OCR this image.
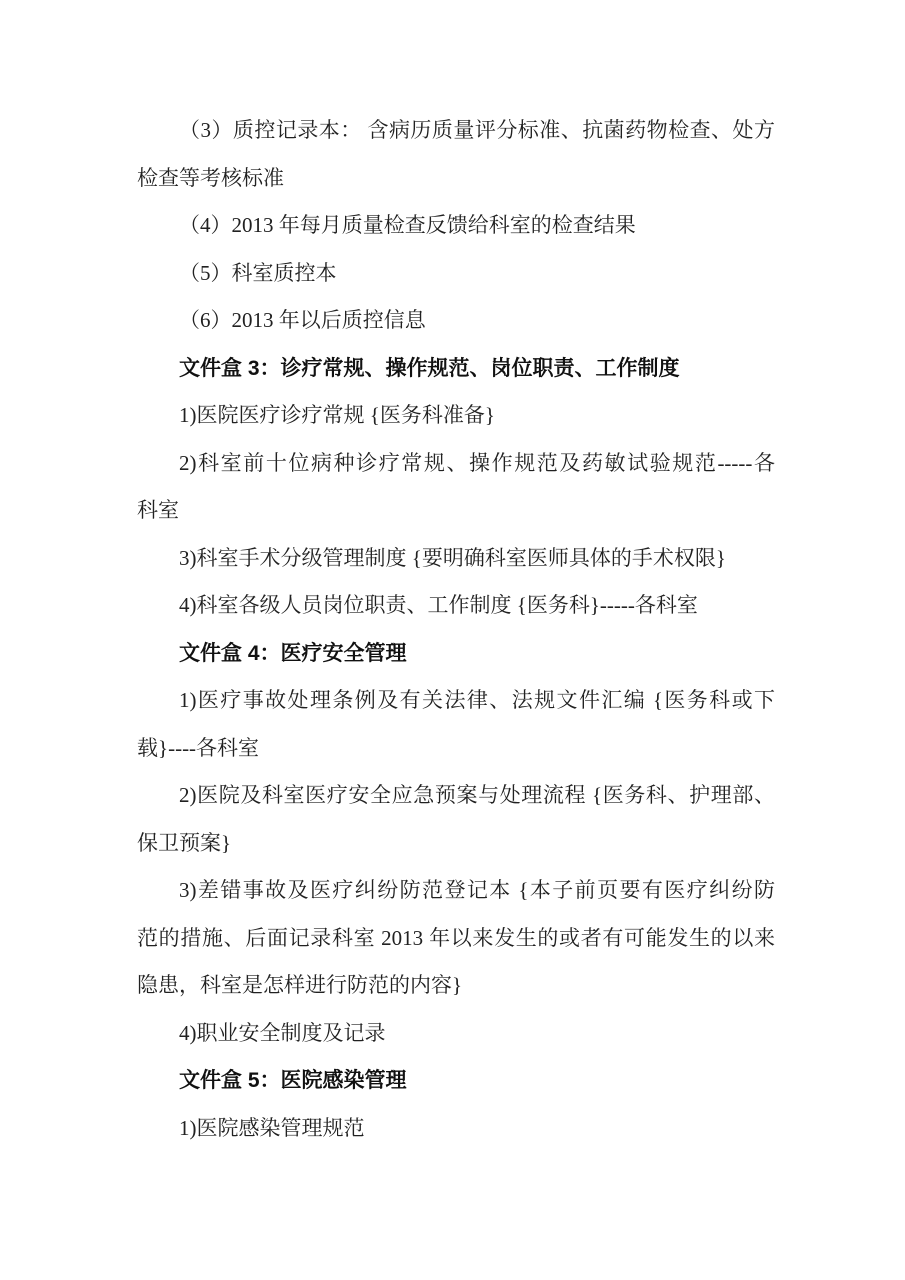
（3）质控记录本： 含病历质量评分标准、抗菌药物检查、处方
检查等考核标准
（4）2013 年每月质量检查反馈给科室的检查结果
（5）科室质控本
（6）2013 年以后质控信息
文件盒 3：诊疗常规、操作规范、岗位职责、工作制度
1)医院医疗诊疗常规 {医务科准备}
2)科室前十位病种诊疗常规、操作规范及药敏试验规范-----各
科室
3)科室手术分级管理制度 {要明确科室医师具体的手术权限}
4)科室各级人员岗位职责、工作制度 {医务科}-----各科室
文件盒 4：医疗安全管理
1)医疗事故处理条例及有关法律、法规文件汇编 {医务科或下
载}----各科室
2)医院及科室医疗安全应急预案与处理流程 {医务科、护理部、
保卫预案}
3)差错事故及医疗纠纷防范登记本 {本子前页要有医疗纠纷防
范的措施、后面记录科室 2013 年以来发生的或者有可能发生的以来
隐患，科室是怎样进行防范的内容}
4)职业安全制度及记录
文件盒 5：医院感染管理
1)医院感染管理规范
